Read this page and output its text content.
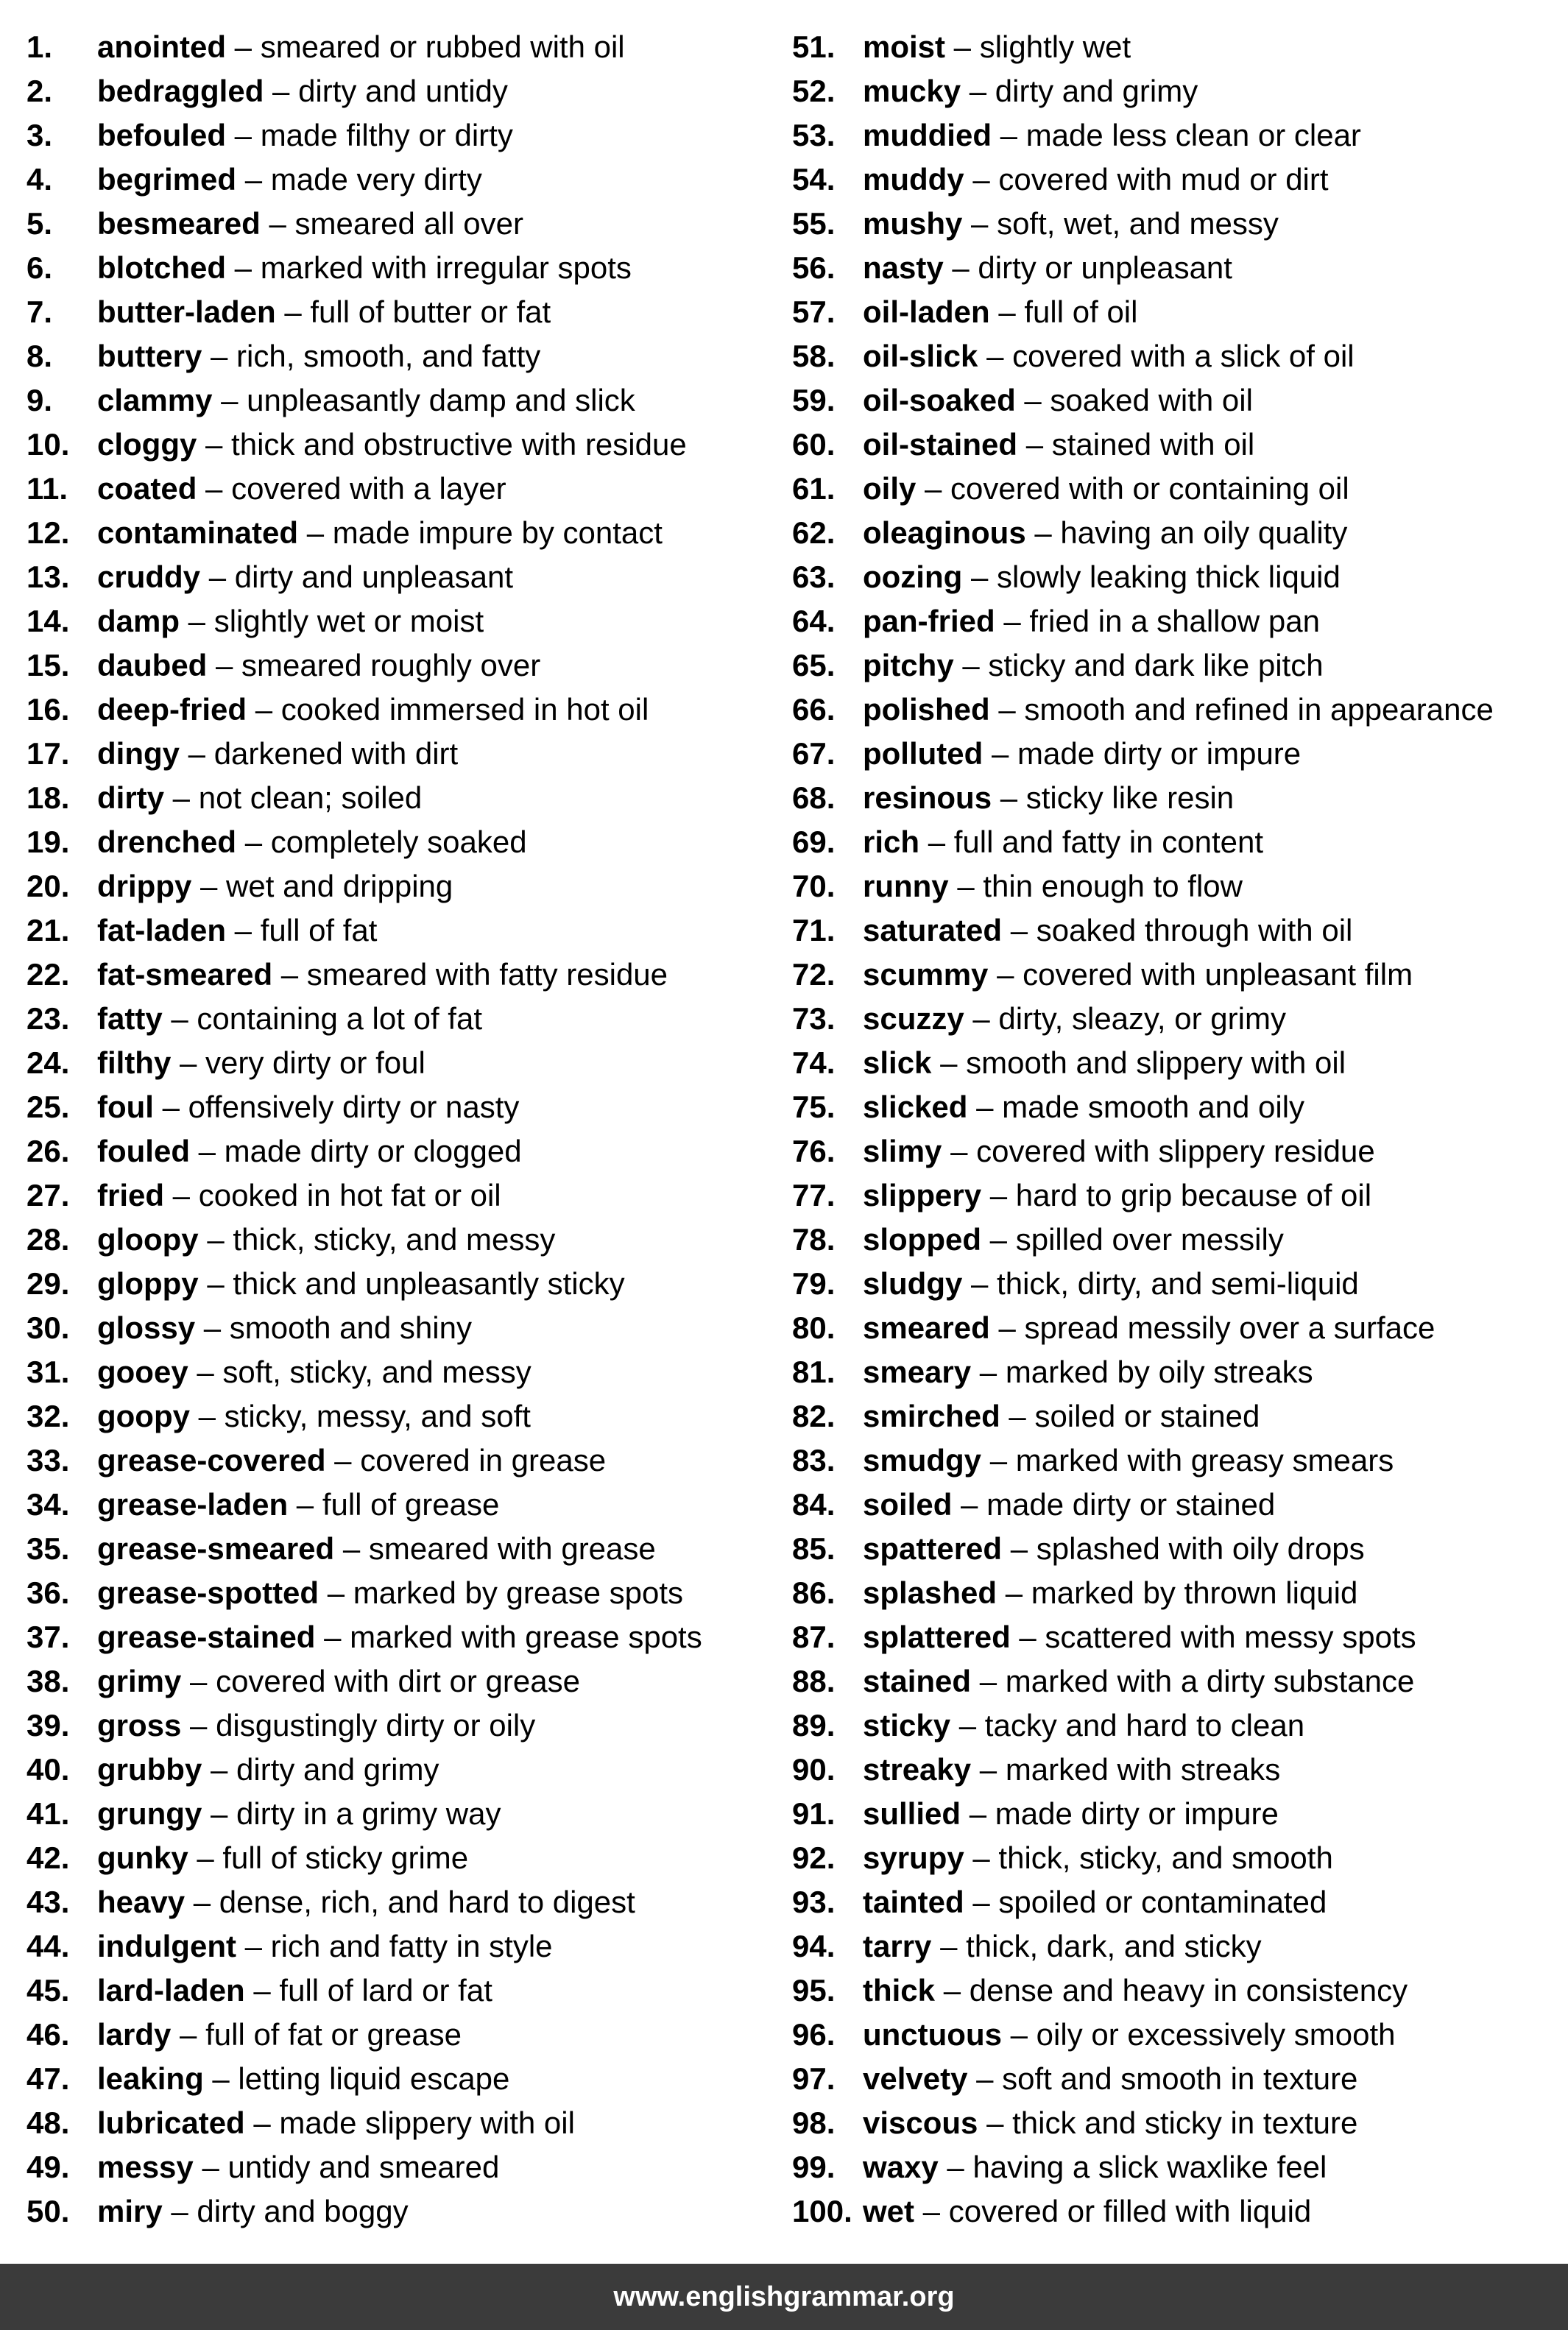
1. anointed – smeared or rubbed with oil
2. bedraggled – dirty and untidy
3. befouled – made filthy or dirty
4. begrimed – made very dirty
5. besmeared – smeared all over
6. blotched – marked with irregular spots
7. butter-laden – full of butter or fat
8. buttery – rich, smooth, and fatty
9. clammy – unpleasantly damp and slick
10. cloggy – thick and obstructive with residue
11. coated – covered with a layer
12. contaminated – made impure by contact
13. cruddy – dirty and unpleasant
14. damp – slightly wet or moist
15. daubed – smeared roughly over
16. deep-fried – cooked immersed in hot oil
17. dingy – darkened with dirt
18. dirty – not clean; soiled
19. drenched – completely soaked
20. drippy – wet and dripping
21. fat-laden – full of fat
22. fat-smeared – smeared with fatty residue
23. fatty – containing a lot of fat
24. filthy – very dirty or foul
25. foul – offensively dirty or nasty
26. fouled – made dirty or clogged
27. fried – cooked in hot fat or oil
28. gloopy – thick, sticky, and messy
29. gloppy – thick and unpleasantly sticky
30. glossy – smooth and shiny
31. gooey – soft, sticky, and messy
32. goopy – sticky, messy, and soft
33. grease-covered – covered in grease
34. grease-laden – full of grease
35. grease-smeared – smeared with grease
36. grease-spotted – marked by grease spots
37. grease-stained – marked with grease spots
38. grimy – covered with dirt or grease
39. gross – disgustingly dirty or oily
40. grubby – dirty and grimy
41. grungy – dirty in a grimy way
42. gunky – full of sticky grime
43. heavy – dense, rich, and hard to digest
44. indulgent – rich and fatty in style
45. lard-laden – full of lard or fat
46. lardy – full of fat or grease
47. leaking – letting liquid escape
48. lubricated – made slippery with oil
49. messy – untidy and smeared
50. miry – dirty and boggy
51. moist – slightly wet
52. mucky – dirty and grimy
53. muddied – made less clean or clear
54. muddy – covered with mud or dirt
55. mushy – soft, wet, and messy
56. nasty – dirty or unpleasant
57. oil-laden – full of oil
58. oil-slick – covered with a slick of oil
59. oil-soaked – soaked with oil
60. oil-stained – stained with oil
61. oily – covered with or containing oil
62. oleaginous – having an oily quality
63. oozing – slowly leaking thick liquid
64. pan-fried – fried in a shallow pan
65. pitchy – sticky and dark like pitch
66. polished – smooth and refined in appearance
67. polluted – made dirty or impure
68. resinous – sticky like resin
69. rich – full and fatty in content
70. runny – thin enough to flow
71. saturated – soaked through with oil
72. scummy – covered with unpleasant film
73. scuzzy – dirty, sleazy, or grimy
74. slick – smooth and slippery with oil
75. slicked – made smooth and oily
76. slimy – covered with slippery residue
77. slippery – hard to grip because of oil
78. slopped – spilled over messily
79. sludgy – thick, dirty, and semi-liquid
80. smeared – spread messily over a surface
81. smeary – marked by oily streaks
82. smirched – soiled or stained
83. smudgy – marked with greasy smears
84. soiled – made dirty or stained
85. spattered – splashed with oily drops
86. splashed – marked by thrown liquid
87. splattered – scattered with messy spots
88. stained – marked with a dirty substance
89. sticky – tacky and hard to clean
90. streaky – marked with streaks
91. sullied – made dirty or impure
92. syrupy – thick, sticky, and smooth
93. tainted – spoiled or contaminated
94. tarry – thick, dark, and sticky
95. thick – dense and heavy in consistency
96. unctuous – oily or excessively smooth
97. velvety – soft and smooth in texture
98. viscous – thick and sticky in texture
99. waxy – having a slick waxlike feel
100. wet – covered or filled with liquid
www.englishgrammar.org
